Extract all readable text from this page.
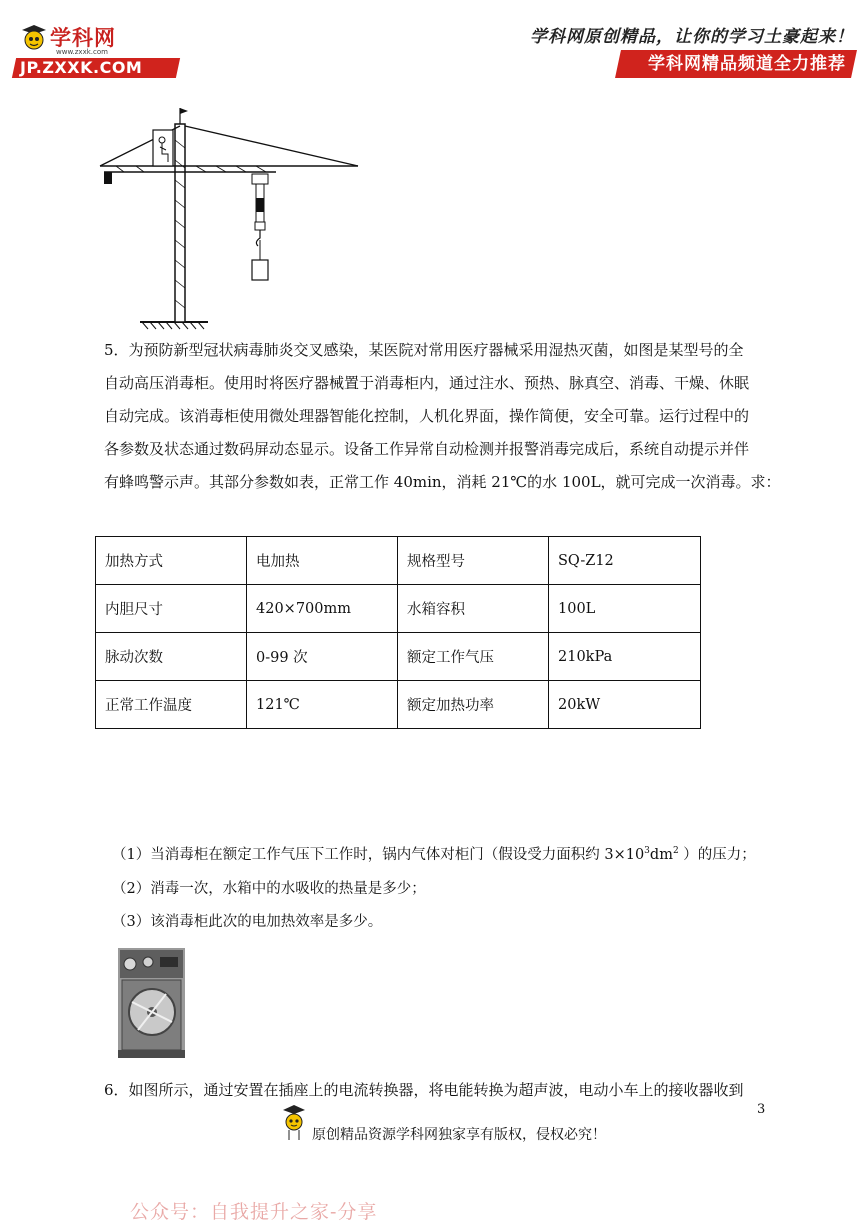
学科网
www.zxxk.com
JP.ZXXK.COM
学科网原创精品，让你的学习土豪起来！
学科网精品频道全力推荐
5．为预防新型冠状病毒肺炎交叉感染，某医院对常用医疗器械采用湿热灭菌，如图是某型号的全
自动高压消毒柜。使用时将医疗器械置于消毒柜内，通过注水、预热、脉真空、消毒、干燥、休眠
自动完成。该消毒柜使用微处理器智能化控制，人机化界面，操作简便，安全可靠。运行过程中的
各参数及状态通过数码屏动态显示。设备工作异常自动检测并报警消毒完成后，系统自动提示并伴
有蜂鸣警示声。其部分参数如表，正常工作 40min，消耗 21℃的水 100L，就可完成一次消毒。求：
加热方式	电加热	规格型号	SQ-Z12
内胆尺寸	420×700mm	水箱容积	100L
脉动次数	0-99 次	额定工作气压	210kPa
正常工作温度	121℃	额定加热功率	20kW
（1）当消毒柜在额定工作气压下工作时，锅内气体对柜门（假设受力面积约 $3\times 10^3dm^2$ ）的压力；
（2）消毒一次，水箱中的水吸收的热量是多少；
（3）该消毒柜此次的电加热效率是多少。
6．如图所示，通过安置在插座上的电流转换器，将电能转换为超声波，电动小车上的接收器收到
3
原创精品资源学科网独家享有版权，侵权必究！
公众号：自我提升之家-分享
